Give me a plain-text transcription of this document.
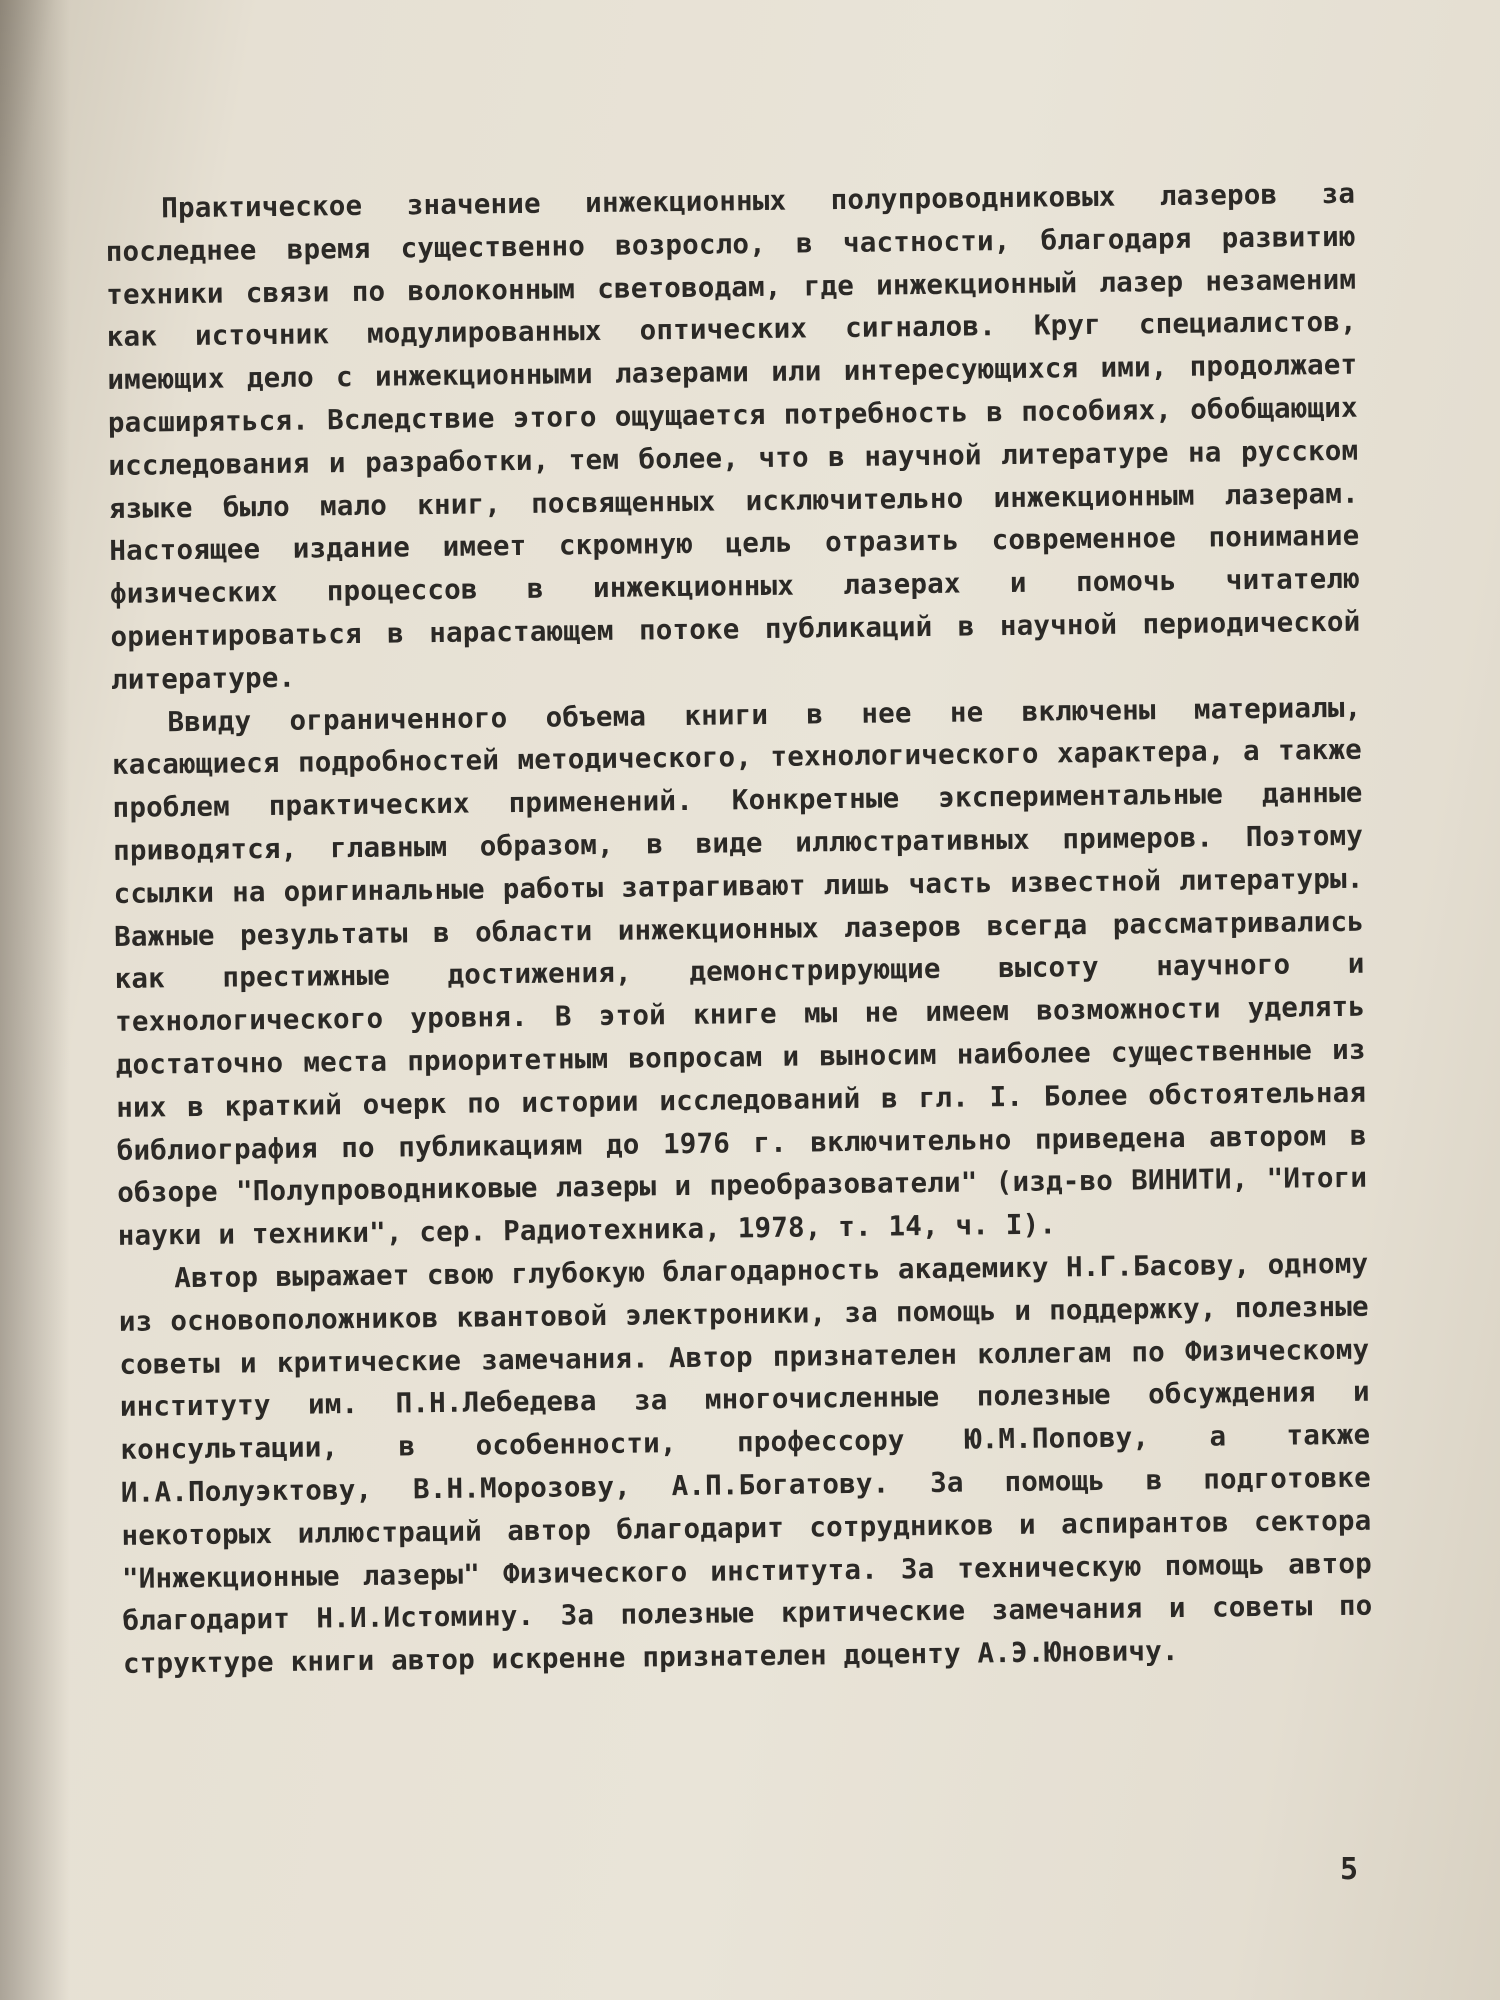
Практическое значение инжекционных полупроводниковых лазеров за последнее время существенно возросло, в частности, благодаря развитию техники связи по волоконным световодам, где инжекционный лазер незаменим как источник модулированных оптических сигналов. Круг специалистов, имеющих дело с инжекционными лазерами или интересующихся ими, продолжает расширяться. Вследствие этого ощущается потребность в пособиях, обобщающих исследования и разработки, тем более, что в научной литературе на русском языке было мало книг, посвященных исключительно инжекционным лазерам. Настоящее издание имеет скромную цель отразить современное понимание физических процессов в инжекционных лазерах и помочь читателю ориентироваться в нарастающем потоке публикаций в научной периодической литературе.

Ввиду ограниченного объема книги в нее не включены материалы, касающиеся подробностей методического, технологического характера, а также проблем практических применений. Конкретные экспериментальные данные приводятся, главным образом, в виде иллюстративных примеров. Поэтому ссылки на оригинальные работы затрагивают лишь часть известной литературы. Важные результаты в области инжекционных лазеров всегда рассматривались как престижные достижения, демонстрирующие высоту научного и технологического уровня. В этой книге мы не имеем возможности уделять достаточно места приоритетным вопросам и выносим наиболее существенные из них в краткий очерк по истории исследований в гл. I. Более обстоятельная библиография по публикациям до 1976 г. включительно приведена автором в обзоре "Полупроводниковые лазеры и преобразователи" (изд-во ВИНИТИ, "Итоги науки и техники", сер. Радиотехника, 1978, т. 14, ч. I).

Автор выражает свою глубокую благодарность академику Н.Г.Басову, одному из основоположников квантовой электроники, за помощь и поддержку, полезные советы и критические замечания. Автор признателен коллегам по Физическому институту им. П.Н.Лебедева за многочисленные полезные обсуждения и консультации, в особенности, профессору Ю.М.Попову, а также И.А.Полуэктову, В.Н.Морозову, А.П.Богатову. За помощь в подготовке некоторых иллюстраций автор благодарит сотрудников и аспирантов сектора "Инжекционные лазеры" Физического института. За техническую помощь автор благодарит Н.И.Истомину. За полезные критические замечания и советы по структуре книги автор искренне признателен доценту А.Э.Юновичу.

5
